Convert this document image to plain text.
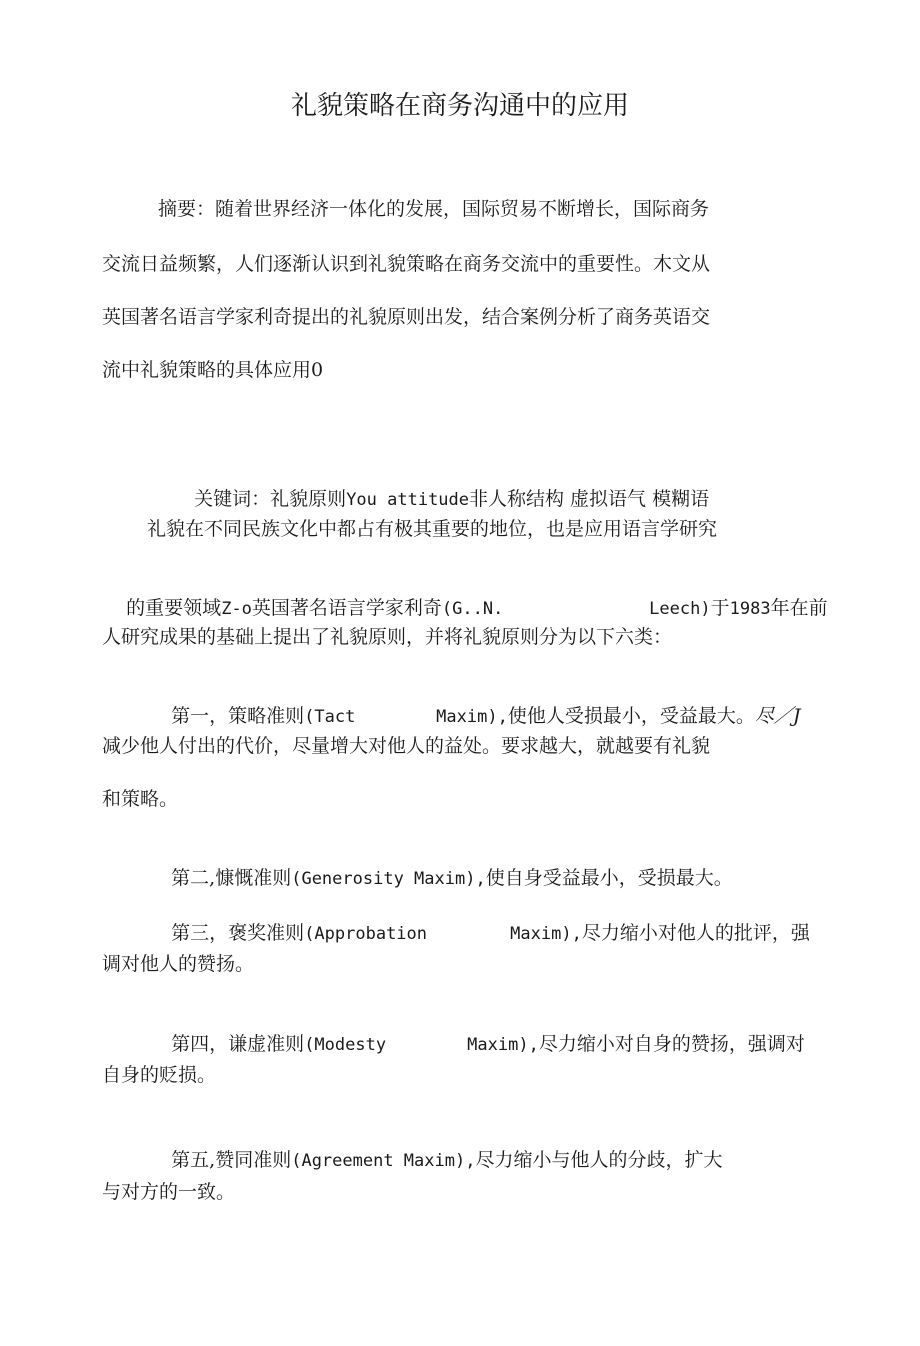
礼貌策略在商务沟通中的应用
摘要：随着世界经济一体化的发展，国际贸易不断增长，国际商务
交流日益频繁，人们逐渐认识到礼貌策略在商务交流中的重要性。木文从
英国著名语言学家利奇提出的礼貌原则出发，结合案例分析了商务英语交
流中礼貌策略的具体应用0

关键词：礼貌原则You attitude非人称结构 虚拟语气 模糊语

礼貌在不同民族文化中都占有极其重要的地位，也是应用语言学研究

的重要领域Z-o英国著名语言学家利奇(G..N.
	Leech)于1983年在前

人研究成果的基础上提出了礼貌原则，并将礼貌原则分为以下六类：

第一，策略准则(Tact
	Maxim),使他人受损最小，受益最大。尽／J

减少他人付出的代价，尽量增大对他人的益处。要求越大，就越要有礼貌
和策略。

第二,慷慨准则(Generosity Maxim),使自身受益最小，受损最大。

第三，褒奖准则(Approbation
	Maxim),尽力缩小对他人的批评，强

调对他人的赞扬。

第四，谦虚准则(Modesty
	Maxim),尽力缩小对自身的赞扬，强调对

自身的贬损。

第五,赞同准则(Agreement Maxim),尽力缩小与他人的分歧，扩大

与对方的一致。
